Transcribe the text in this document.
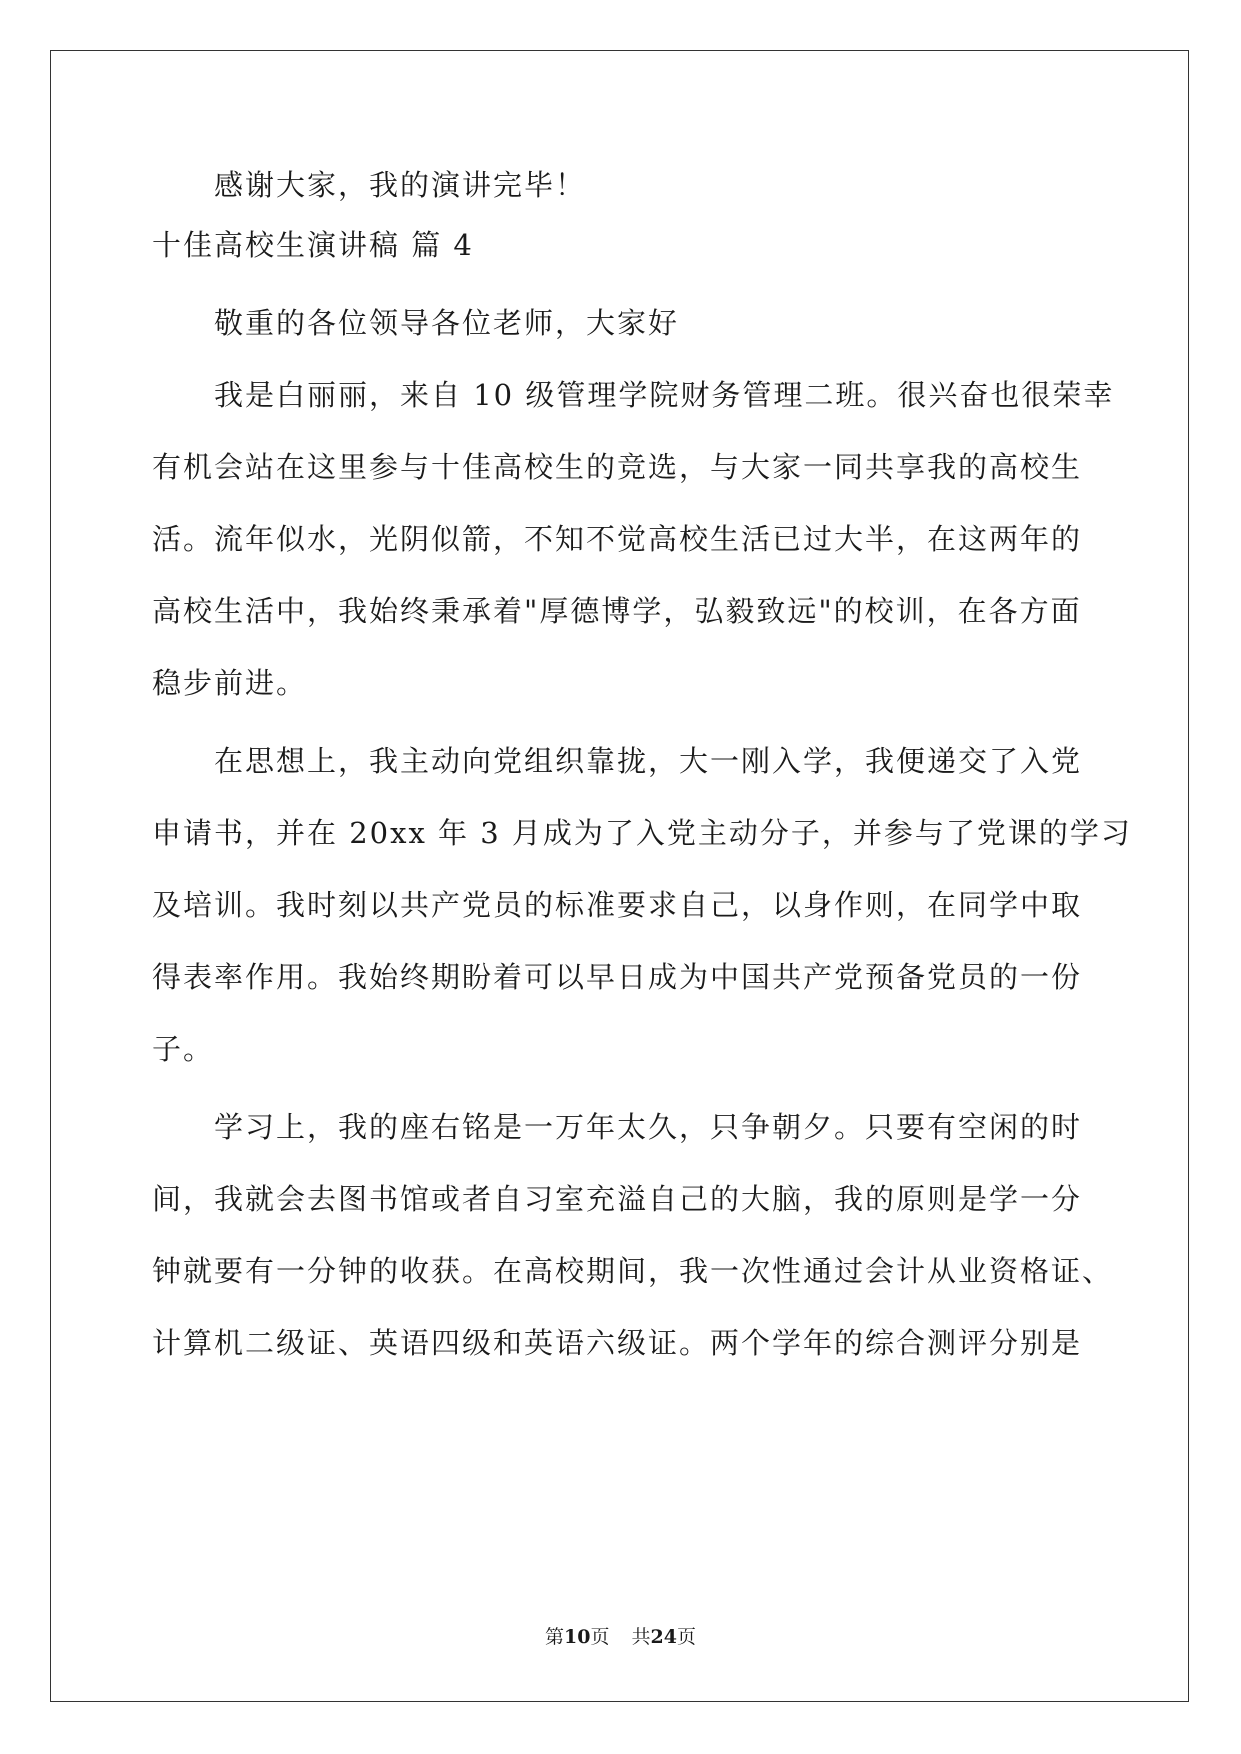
感谢大家，我的演讲完毕！

十佳高校生演讲稿 篇 4

敬重的各位领导各位老师，大家好

我是白丽丽，来自 10 级管理学院财务管理二班。很兴奋也很荣幸

有机会站在这里参与十佳高校生的竞选，与大家一同共享我的高校生

活。流年似水，光阴似箭，不知不觉高校生活已过大半，在这两年的

高校生活中，我始终秉承着"厚德博学，弘毅致远"的校训，在各方面

稳步前进。

在思想上，我主动向党组织靠拢，大一刚入学，我便递交了入党

申请书，并在 20xx 年 3 月成为了入党主动分子，并参与了党课的学习

及培训。我时刻以共产党员的标准要求自己，以身作则，在同学中取

得表率作用。我始终期盼着可以早日成为中国共产党预备党员的一份

子。

学习上，我的座右铭是一万年太久，只争朝夕。只要有空闲的时

间，我就会去图书馆或者自习室充溢自己的大脑，我的原则是学一分

钟就要有一分钟的收获。在高校期间，我一次性通过会计从业资格证、

计算机二级证、英语四级和英语六级证。两个学年的综合测评分别是

第10页 共24页
